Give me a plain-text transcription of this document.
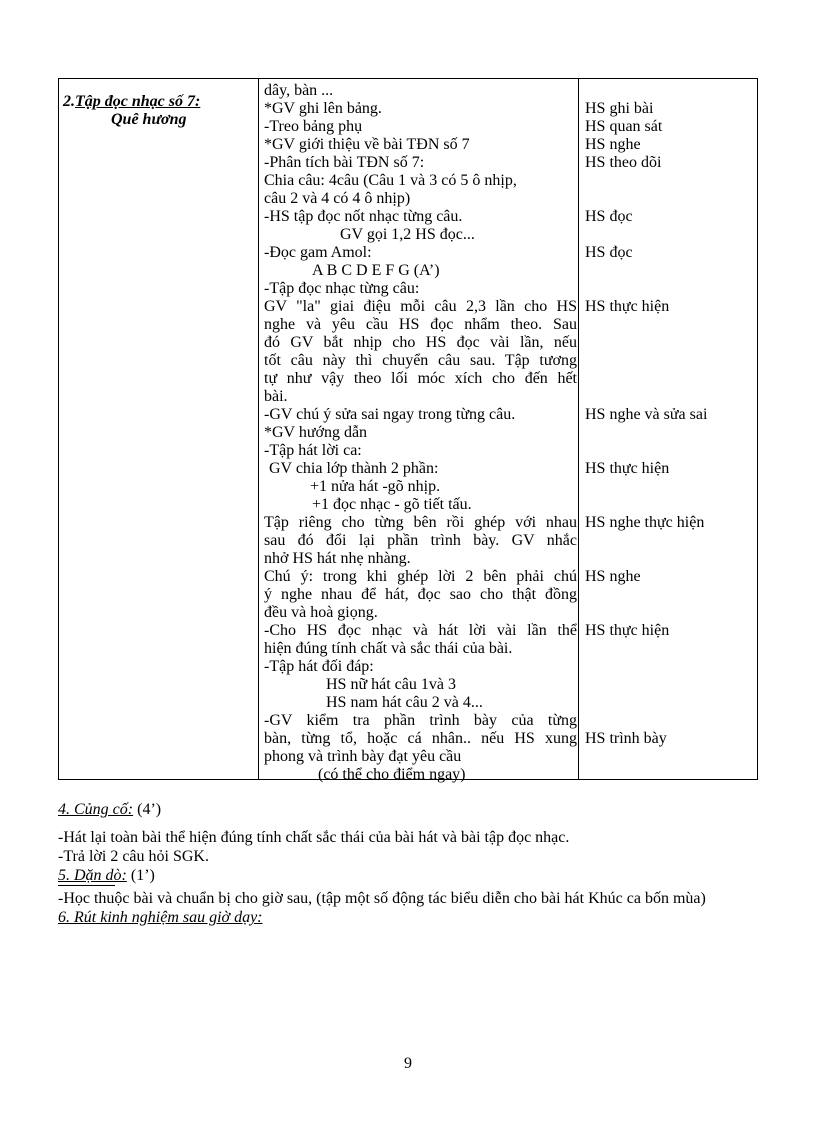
2.Tập đọc nhạc số 7:
Quê hương
dây, bàn ...
*GV ghi lên bảng.
-Treo bảng phụ
*GV giới thiệu về bài TĐN số 7
-Phân tích bài TĐN số 7:
Chia câu: 4câu (Câu 1 và 3 có 5 ô nhịp,
câu 2 và 4 có 4 ô nhịp)
-HS tập đọc nốt nhạc từng câu.
GV gọi 1,2 HS đọc...
-Đọc gam Amol:
A B C D E F G (A’)
-Tập đọc nhạc từng câu:
GV "la" giai điệu mỗi câu 2,3 lần cho HS
nghe và yêu cầu HS đọc nhẩm theo. Sau
đó GV bắt nhịp cho HS đọc vài lần, nếu
tốt câu này thì chuyển câu sau. Tập tương
tự như vậy theo lối móc xích cho đến hết
bài.
-GV chú ý sửa sai ngay trong từng câu.
*GV hướng dẫn
-Tập hát lời ca:
GV chia lớp thành 2 phần:
+1 nửa hát -gõ nhịp.
+1 đọc nhạc - gõ tiết tấu.
Tập riêng cho từng bên rồi ghép với nhau
sau đó đổi lại phần trình bày. GV nhắc
nhở HS hát nhẹ nhàng.
Chú ý: trong khi ghép lời 2 bên phải chú
ý nghe nhau để hát, đọc sao cho thật đồng
đều và hoà giọng.
-Cho HS đọc nhạc và hát lời vài lần thể
hiện đúng tính chất và sắc thái của bài.
-Tập hát đối đáp:
HS nữ hát câu 1và 3
HS nam hát câu 2 và 4...
-GV kiểm tra phần trình bày của từng
bàn, từng tổ, hoặc cá nhân.. nếu HS xung
phong và trình bày đạt yêu cầu
(có thể cho điểm ngay)
HS ghi bài
HS quan sát
HS nghe
HS theo dõi
HS đọc
HS đọc
HS thực hiện
HS nghe và sửa sai
HS thực hiện
HS nghe thực hiện
HS nghe
HS thực hiện
HS trình bày
4. Củng cố: (4’)
-Hát lại toàn bài thể hiện đúng tính chất sắc thái của bài hát và bài tập đọc nhạc.
-Trả lời 2 câu hỏi SGK.
5. Dặn dò: (1’)
-Học thuộc bài và chuẩn bị cho giờ sau, (tập một số động tác biểu diễn cho bài hát Khúc ca bốn mùa)
6. Rút kinh nghiệm sau giờ dạy:
9
